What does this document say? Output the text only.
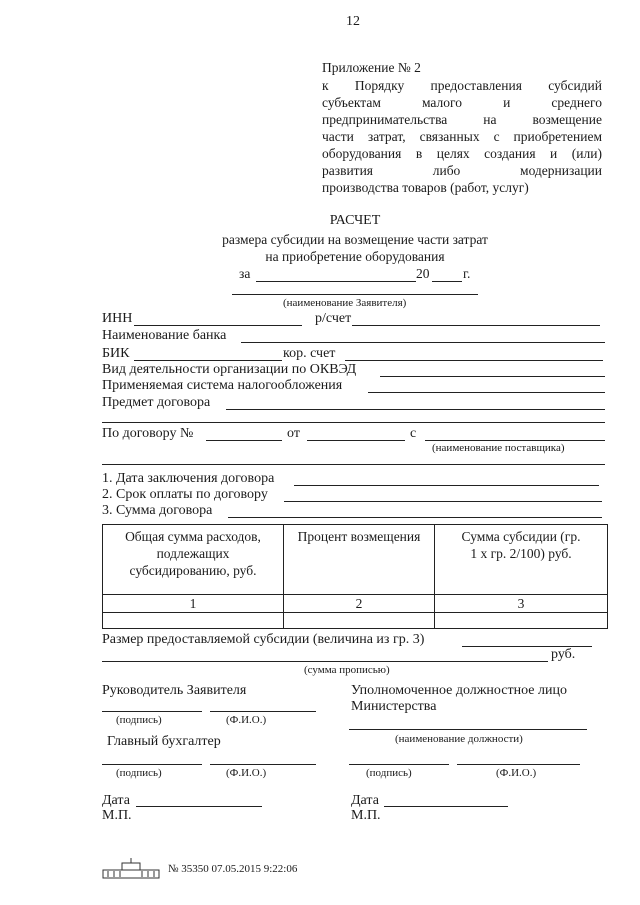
12
Приложение № 2
к Порядку предоставления субсидий
субъектам малого и среднего
предпринимательства на возмещение
части затрат, связанных с приобретением
оборудования в целях создания и (или)
развития либо модернизации
производства товаров (работ, услуг)
РАСЧЕТ
размера субсидии на возмещение части затрат
на приобретение оборудования
за	20 г.
(наименование Заявителя)
ИНН	р/счет
Наименование банка
БИК	кор. счет
Вид деятельности организации по ОКВЭД
Применяемая система налогообложения
Предмет договора
По договору №	от	с
(наименование поставщика)
1. Дата заключения договора
2. Срок оплаты по договору
3. Сумма договора
Общая сумма расходов, подлежащих субсидированию, руб.	Процент возмещения	Сумма субсидии (гр. 1 х гр. 2/100) руб.
1	2	3

Размер предоставляемой субсидии (величина из гр. 3)
руб.
(сумма прописью)
Руководитель Заявителя
(подпись)	(Ф.И.О.)
Главный бухгалтер
(подпись)	(Ф.И.О.)
Уполномоченное должностное лицо
Министерства
(наименование должности)
(подпись)	(Ф.И.О.)
Дата
М.П.
Дата
М.П.
№ 35350 07.05.2015 9:22:06
